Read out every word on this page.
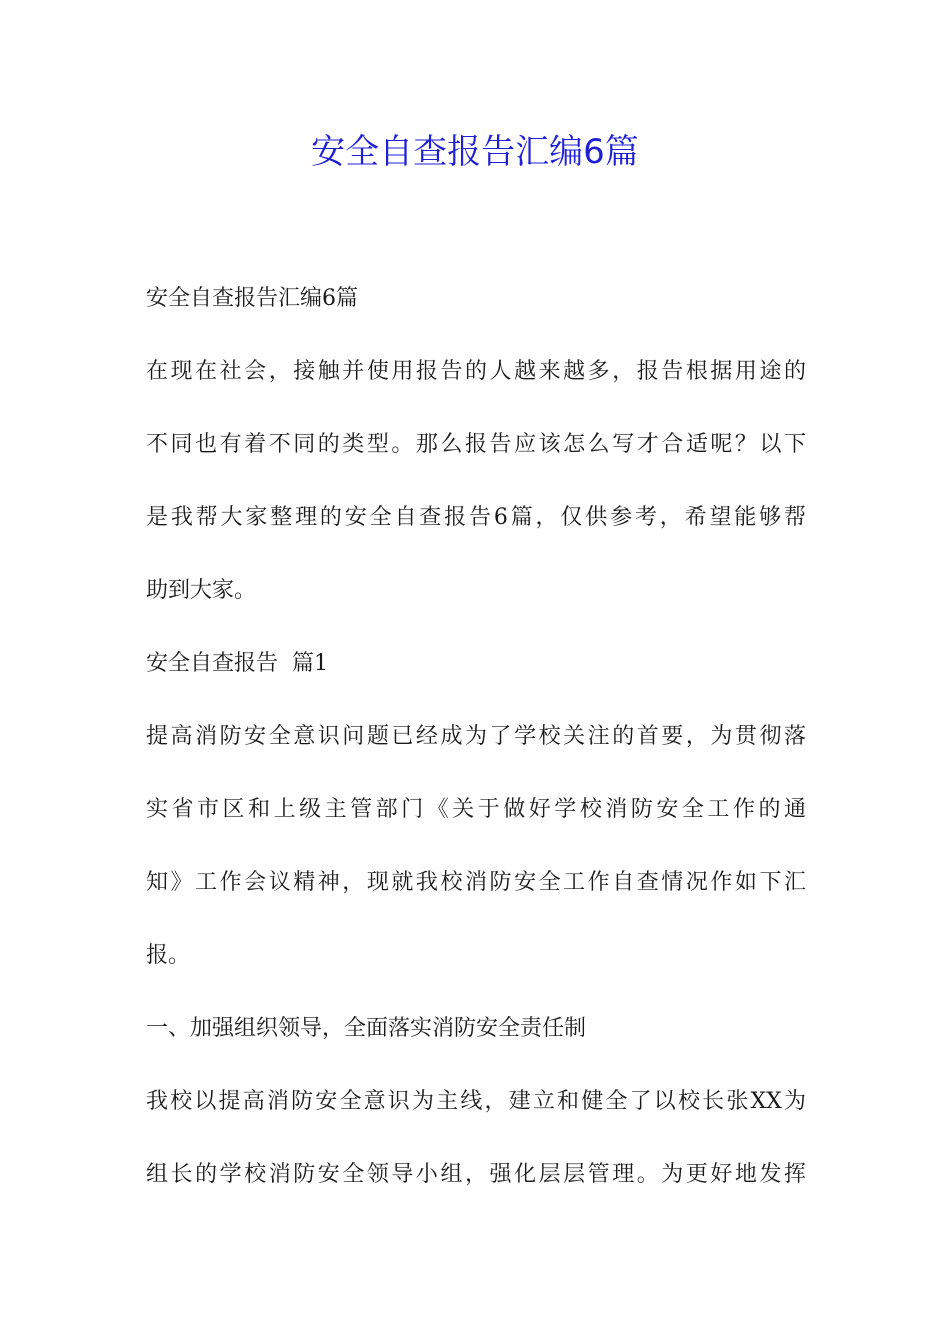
安全自查报告汇编6篇

安全自查报告汇编6篇

在现在社会，接触并使用报告的人越来越多，报告根据用途的
不同也有着不同的类型。那么报告应该怎么写才合适呢？以下
是我帮大家整理的安全自查报告6篇，仅供参考，希望能够帮
助到大家。

安全自查报告  篇1

提高消防安全意识问题已经成为了学校关注的首要，为贯彻落
实省市区和上级主管部门《关于做好学校消防安全工作的通
知》工作会议精神，现就我校消防安全工作自查情况作如下汇
报。

一、加强组织领导，全面落实消防安全责任制

我校以提高消防安全意识为主线，建立和健全了以校长张XX为
组长的学校消防安全领导小组，强化层层管理。为更好地发挥
